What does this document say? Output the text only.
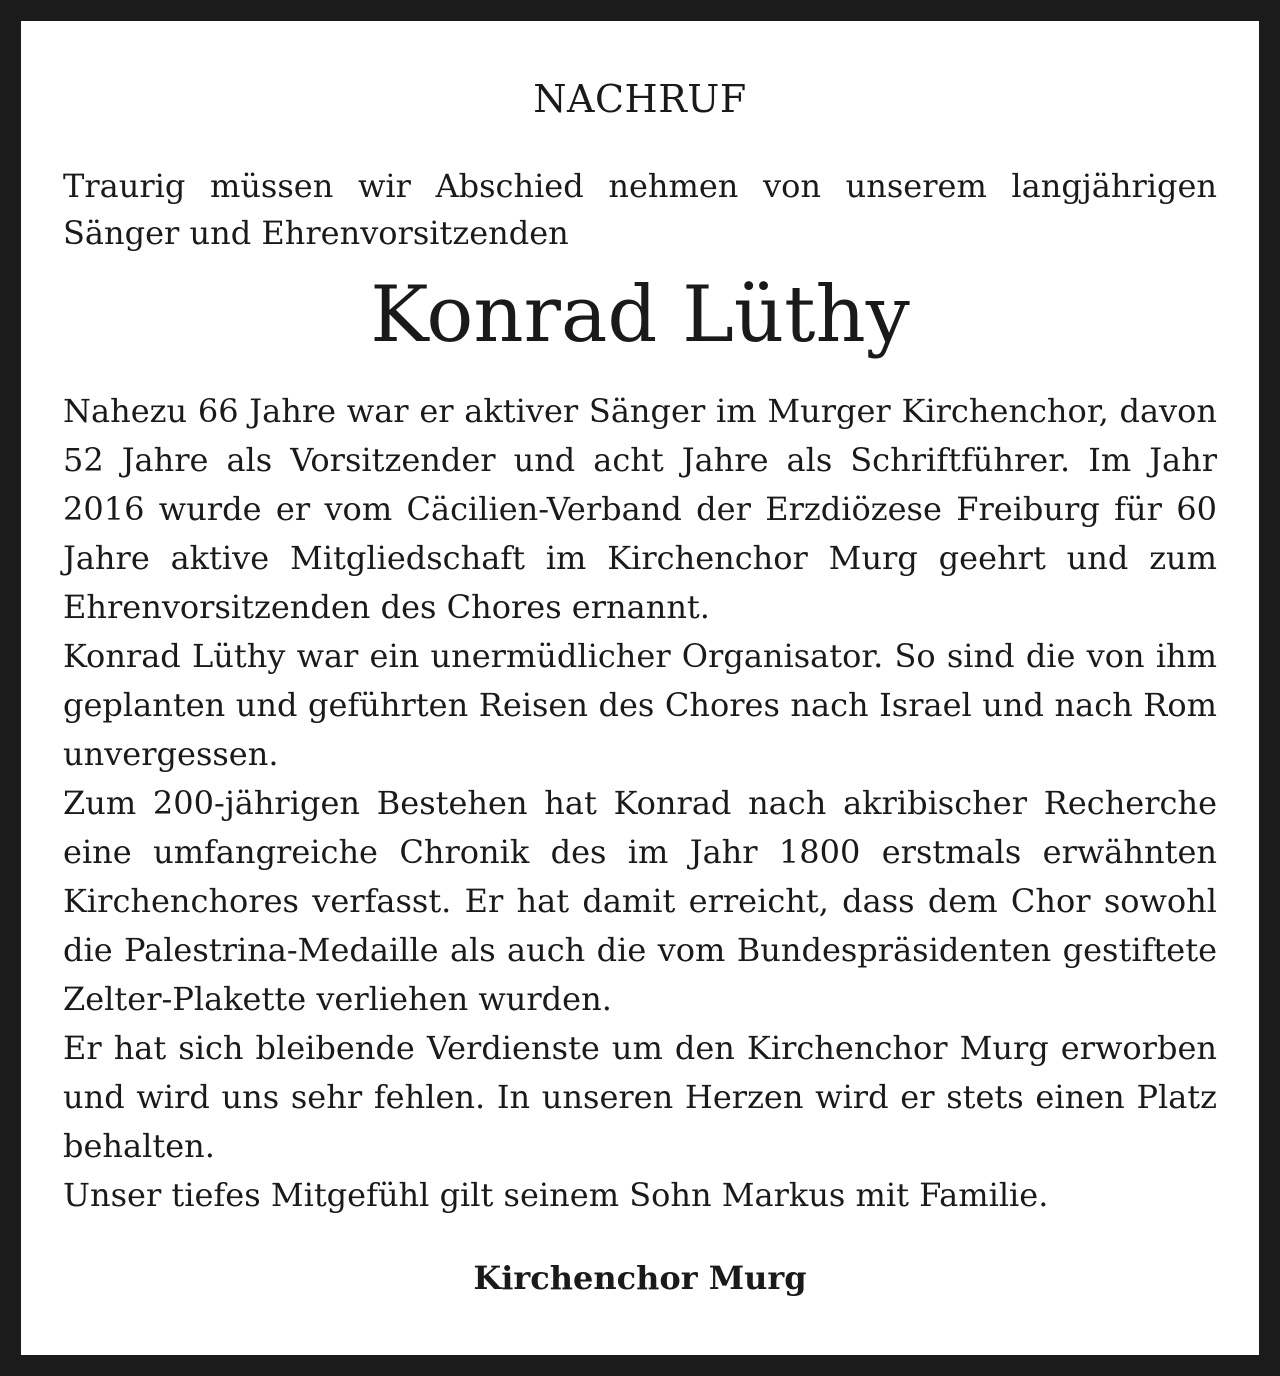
NACHRUF
Traurig müssen wir Abschied nehmen von unserem langjährigen Sänger und Ehrenvorsitzenden
Konrad Lüthy

Nahezu 66 Jahre war er aktiver Sänger im Murger Kirchenchor, davon 52 Jahre als Vorsitzender und acht Jahre als Schriftführer. Im Jahr 2016 wurde er vom Cäcilien-Verband der Erzdiözese Freiburg für 60 Jahre aktive Mitgliedschaft im Kirchenchor Murg geehrt und zum Ehrenvorsitzenden des Chores ernannt.

Konrad Lüthy war ein unermüdlicher Organisator. So sind die von ihm geplanten und geführten Reisen des Chores nach Israel und nach Rom unvergessen.

Zum 200-jährigen Bestehen hat Konrad nach akribischer Recherche eine umfangreiche Chronik des im Jahr 1800 erstmals erwähnten Kirchenchores verfasst. Er hat damit erreicht, dass dem Chor sowohl die Palestrina-Medaille als auch die vom Bundespräsidenten gestiftete Zelter-Plakette verliehen wurden.

Er hat sich bleibende Verdienste um den Kirchenchor Murg erworben und wird uns sehr fehlen. In unseren Herzen wird er stets einen Platz behalten.

Unser tiefes Mitgefühl gilt seinem Sohn Markus mit Familie.

Kirchenchor Murg
